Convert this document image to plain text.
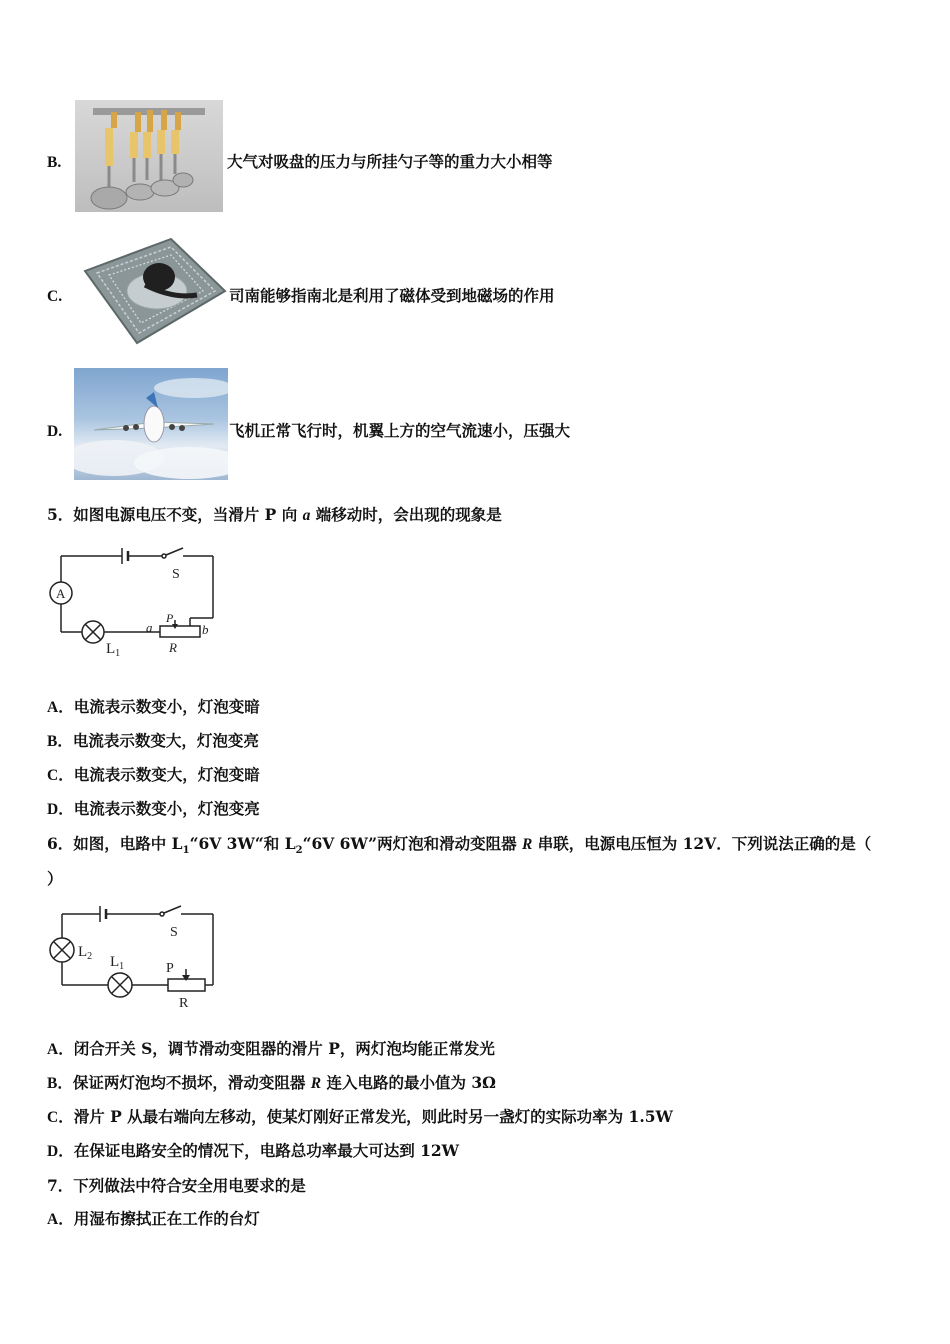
B.	大气对吸盘的压力与所挂勺子等的重力大小相等
C.	司南能够指南北是利用了磁体受到地磁场的作用
D.	飞机正常飞行时，机翼上方的空气流速小，压强大
5．如图电源电压不变，当滑片 P 向 a 端移动时，会出现的现象是
A
S
$L_1$
a
P
b
R
A．电流表示数变小，灯泡变暗
B．电流表示数变大，灯泡变亮
C．电流表示数变大，灯泡变暗
D．电流表示数变小，灯泡变亮
6．如图，电路中 $L_1“6V$ 3W“和 $L_2“6V$ 6W”两灯泡和滑动变阻器 R 串联，电源电压恒为 12V．下列说法正确的是（
）
S
$L_2$ $L_1$	P
R
A．闭合开关 S，调节滑动变阻器的滑片 P，两灯泡均能正常发光
B．保证两灯泡均不损坏，滑动变阻器 R 连入电路的最小值为 3Ω
C．滑片 P 从最右端向左移动，使某灯刚好正常发光，则此时另一盏灯的实际功率为 1.5W
D．在保证电路安全的情况下，电路总功率最大可达到 12W
7．下列做法中符合安全用电要求的是
A．用湿布擦拭正在工作的台灯
